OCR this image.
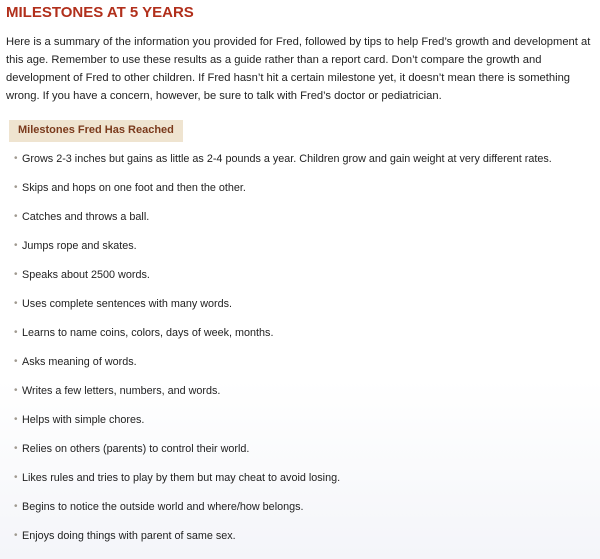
MILESTONES AT 5 YEARS

Here is a summary of the information you provided for Fred, followed by tips to help Fred’s growth and development at this age. Remember to use these results as a guide rather than a report card. Don’t compare the growth and development of Fred to other children. If Fred hasn’t hit a certain milestone yet, it doesn’t mean there is something wrong. If you have a concern, however, be sure to talk with Fred’s doctor or pediatrician.

Milestones Fred Has Reached
• Grows 2-3 inches but gains as little as 2-4 pounds a year. Children grow and gain weight at very different rates.
• Skips and hops on one foot and then the other.
• Catches and throws a ball.
• Jumps rope and skates.
• Speaks about 2500 words.
• Uses complete sentences with many words.
• Learns to name coins, colors, days of week, months.
• Asks meaning of words.
• Writes a few letters, numbers, and words.
• Helps with simple chores.
• Relies on others (parents) to control their world.
• Likes rules and tries to play by them but may cheat to avoid losing.
• Begins to notice the outside world and where/how belongs.
• Enjoys doing things with parent of same sex.
